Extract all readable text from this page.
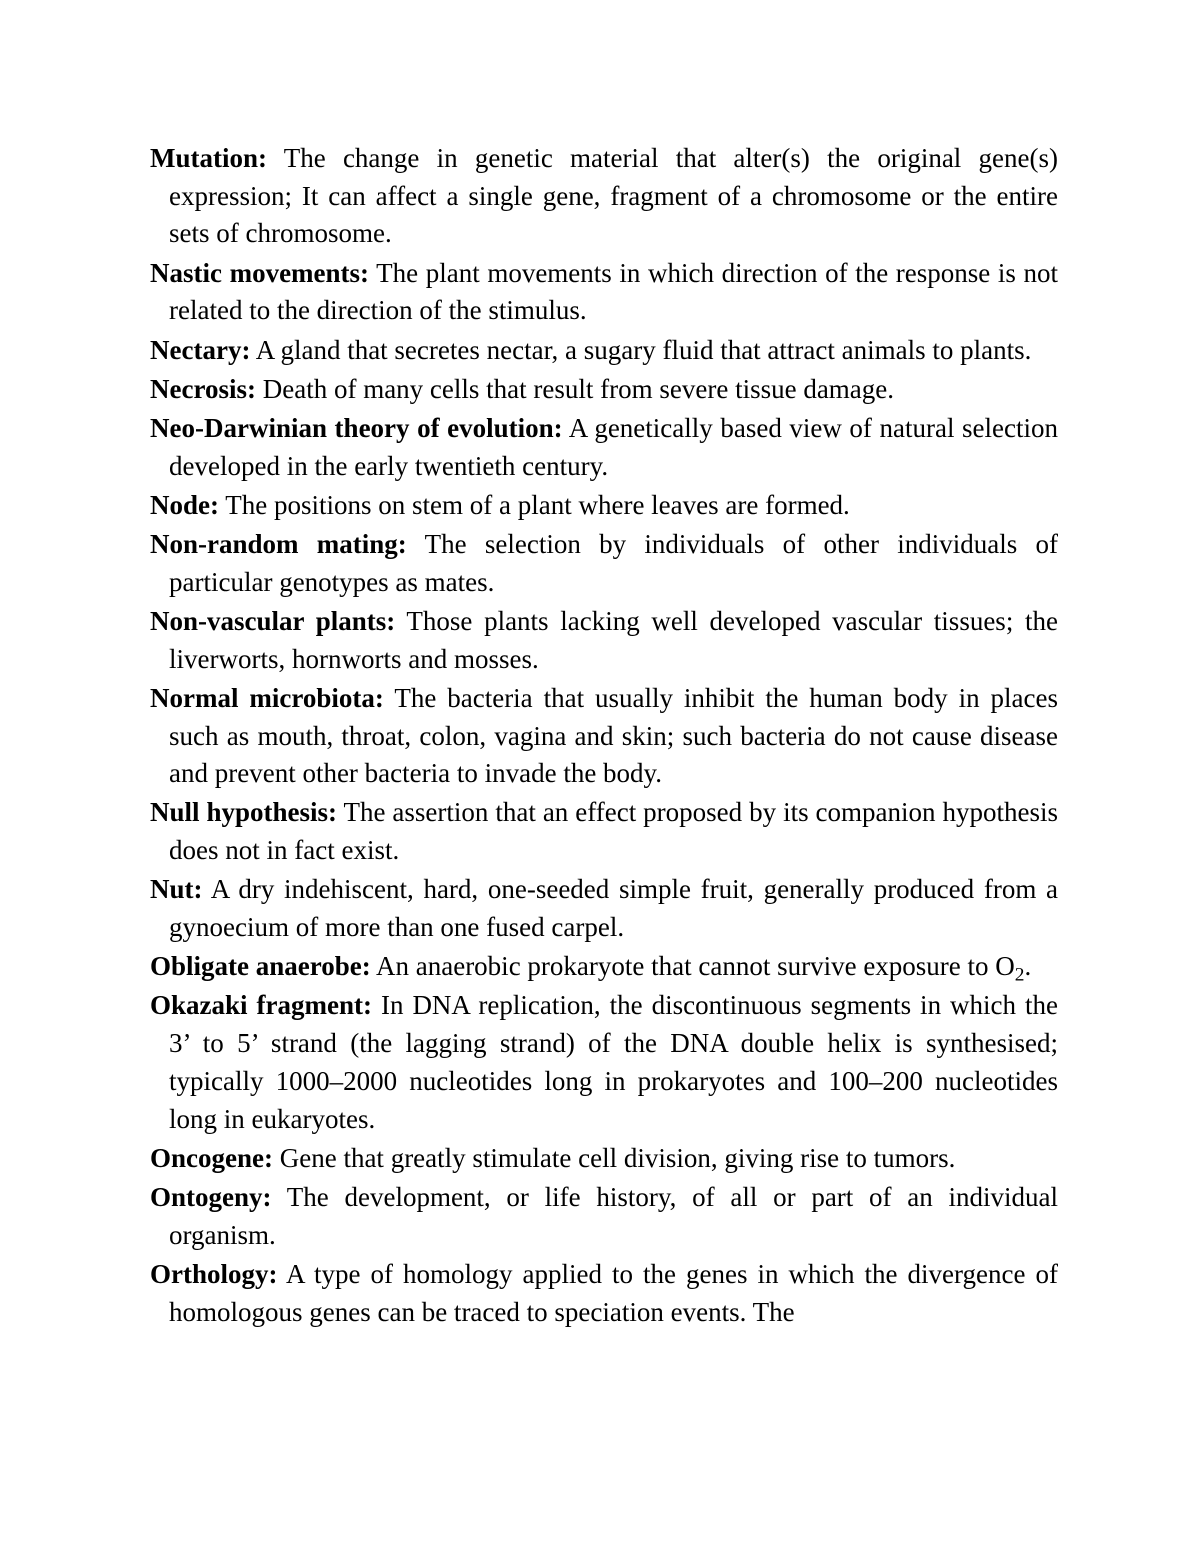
Mutation: The change in genetic material that alter(s) the original gene(s) expression; It can affect a single gene, fragment of a chromosome or the entire sets of chromosome.

Nastic movements: The plant movements in which direction of the response is not related to the direction of the stimulus.

Nectary: A gland that secretes nectar, a sugary fluid that attract animals to plants.

Necrosis: Death of many cells that result from severe tissue damage.

Neo-Darwinian theory of evolution: A genetically based view of natural selection developed in the early twentieth century.

Node: The positions on stem of a plant where leaves are formed.

Non-random mating: The selection by individuals of other individuals of particular genotypes as mates.

Non-vascular plants: Those plants lacking well developed vascular tissues; the liverworts, hornworts and mosses.

Normal microbiota: The bacteria that usually inhibit the human body in places such as mouth, throat, colon, vagina and skin; such bacteria do not cause disease and prevent other bacteria to invade the body.

Null hypothesis: The assertion that an effect proposed by its companion hypothesis does not in fact exist.

Nut: A dry indehiscent, hard, one-seeded simple fruit, generally produced from a gynoecium of more than one fused carpel.

Obligate anaerobe: An anaerobic prokaryote that cannot survive exposure to $O_2$.

Okazaki fragment: In DNA replication, the discontinuous segments in which the 3’ to 5’ strand (the lagging strand) of the DNA double helix is synthesised; typically 1000–2000 nucleotides long in prokaryotes and 100–200 nucleotides long in eukaryotes.

Oncogene: Gene that greatly stimulate cell division, giving rise to tumors.

Ontogeny: The development, or life history, of all or part of an individual organism.

Orthology: A type of homology applied to the genes in which the divergence of homologous genes can be traced to speciation events. The
